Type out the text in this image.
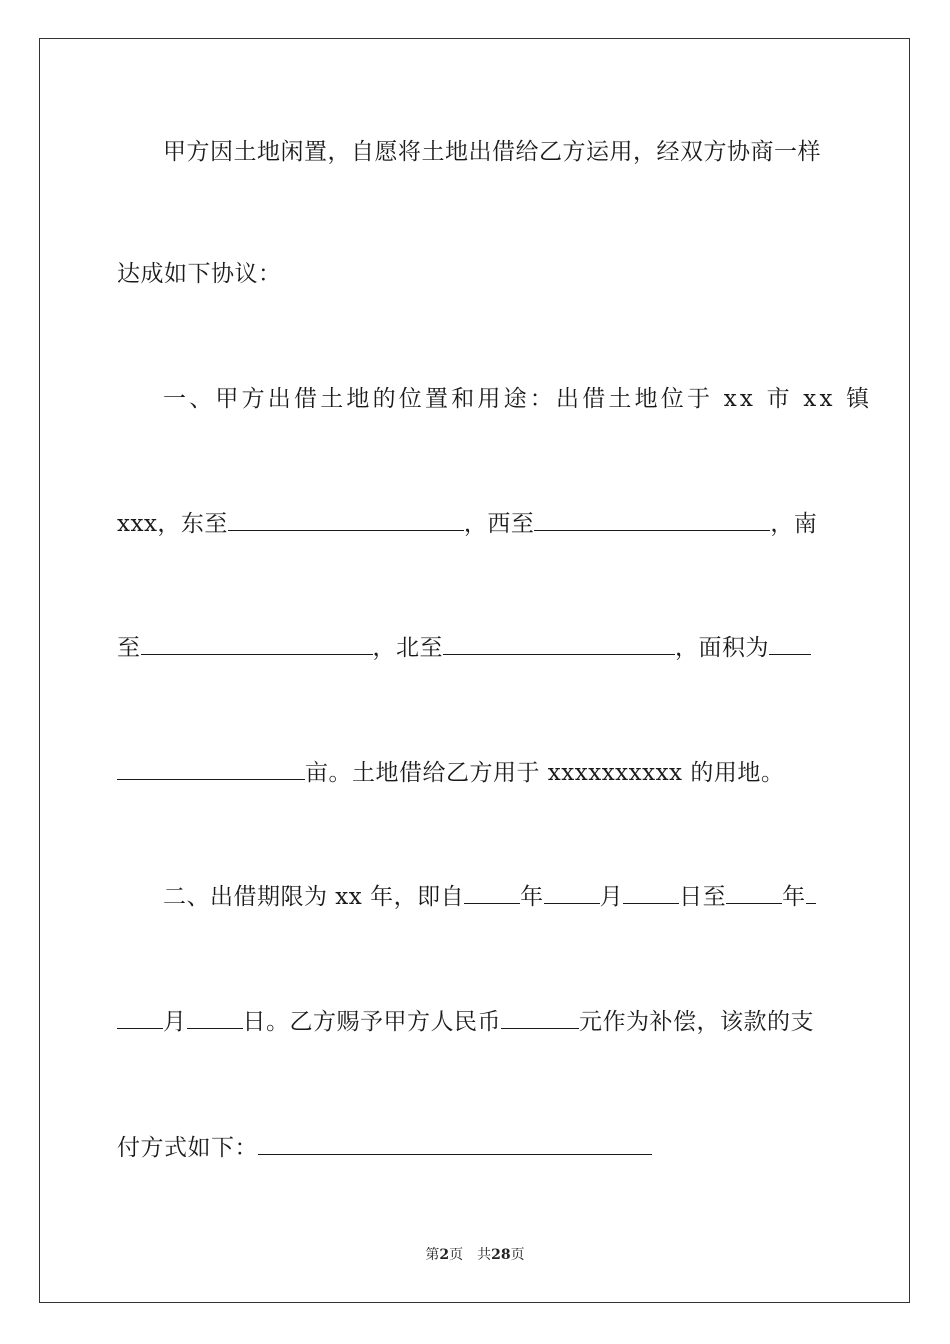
甲方因土地闲置，自愿将土地出借给乙方运用，经双方协商一样
达成如下协议：
一、甲方出借土地的位置和用途：出借土地位于 xx 市 xx 镇
xxx，东至	，西至	，南
至	，北至	，面积为
亩。土地借给乙方用于 xxxxxxxxxx 的用地。
二、出借期限为 xx 年，即自 年 月 日至 年
月 日。乙方赐予甲方人民币	元作为补偿，该款的支
付方式如下：
第2页 共28页
